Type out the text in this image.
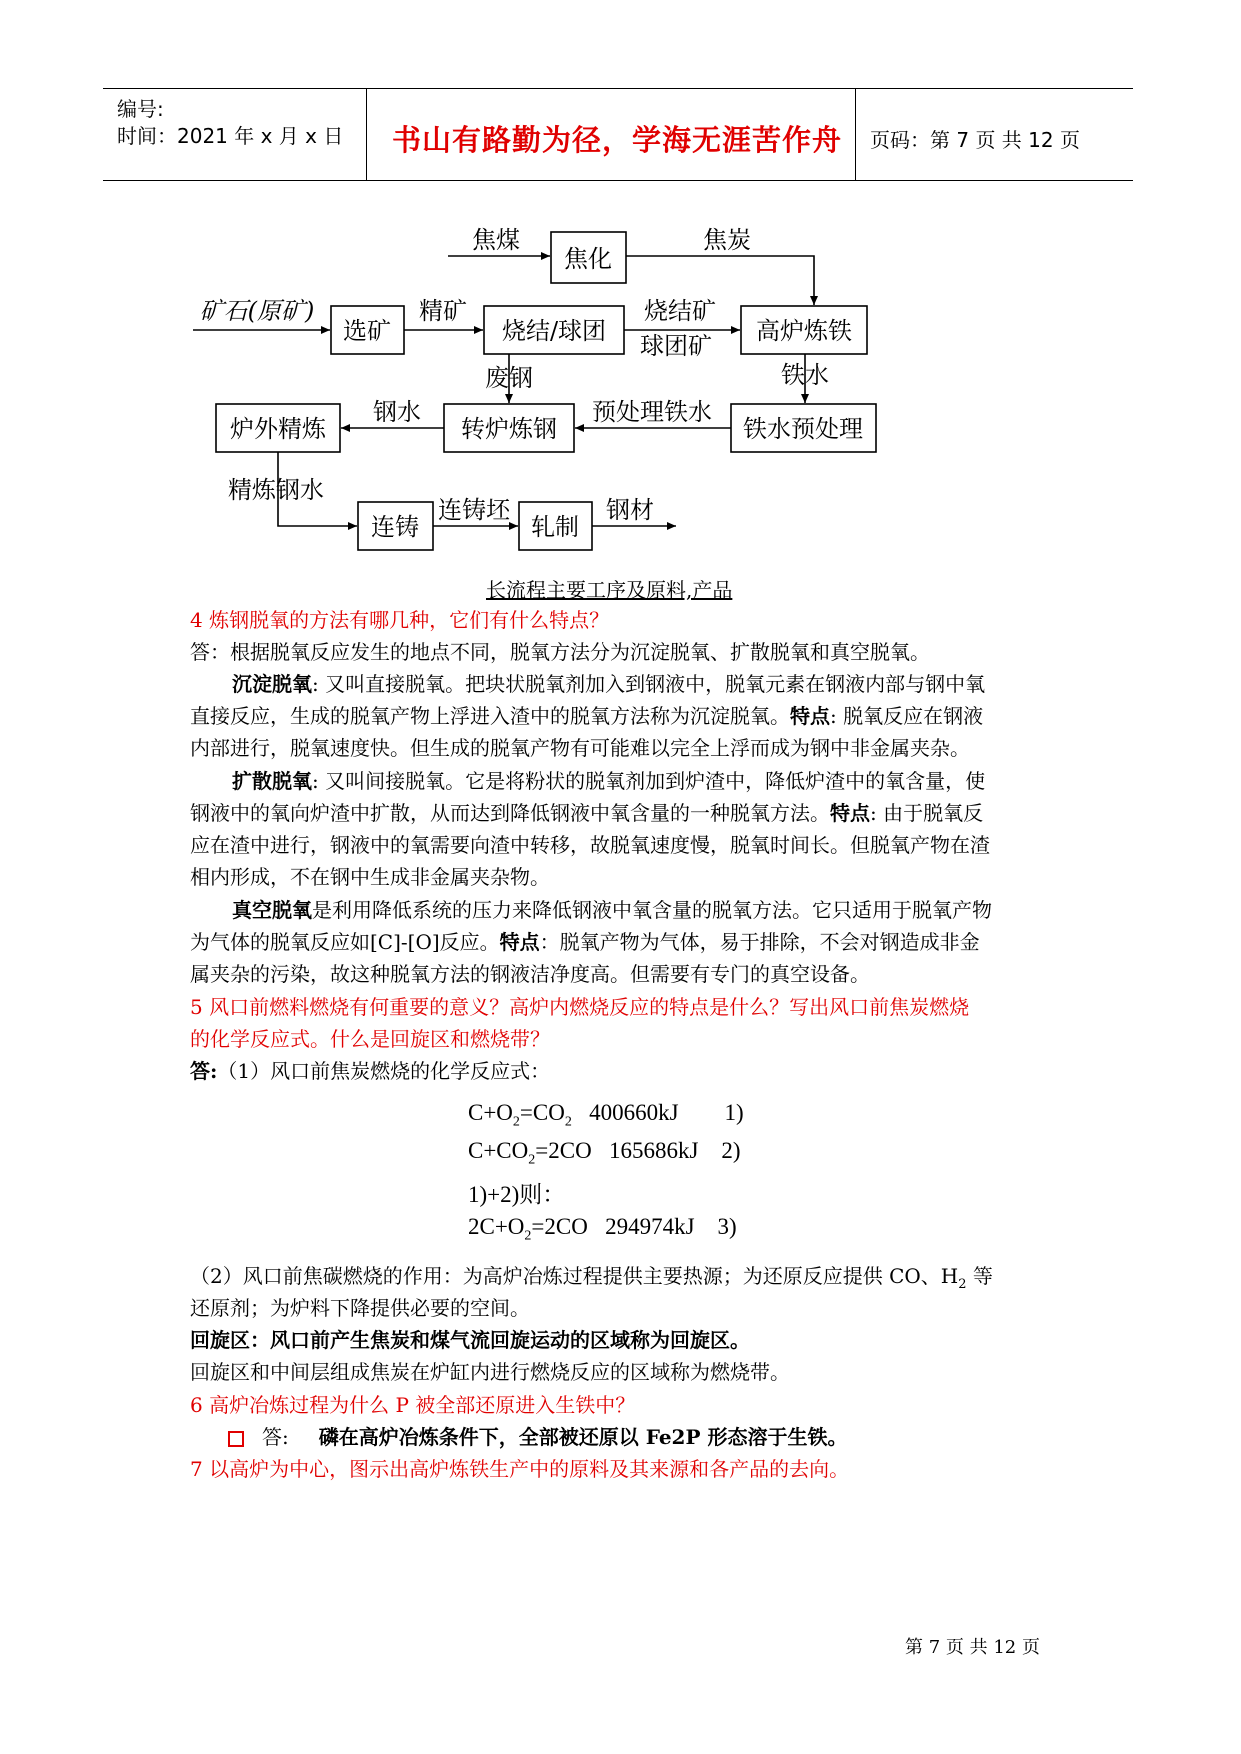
编号:
时间：2021 年 x 月 x 日 书山有路勤为径，学海无涯苦作舟 页码：第 7 页 共 12 页
焦化
选矿	烧结/球团	高炉炼铁
炉外精炼	转炉炼钢	铁水预处理
连铸	轧制
焦煤	焦炭
矿石(原矿)	精矿	烧结矿
球团矿
废钢	铁水
预处理铁水
钢水
精炼钢水
连铸坯	钢材
长流程主要工序及原料,产品
4 炼钢脱氧的方法有哪几种，它们有什么特点？
答：根据脱氧反应发生的地点不同，脱氧方法分为沉淀脱氧、扩散脱氧和真空脱氧。
沉淀脱氧: 又叫直接脱氧。把块状脱氧剂加入到钢液中，脱氧元素在钢液内部与钢中氧
直接反应，生成的脱氧产物上浮进入渣中的脱氧方法称为沉淀脱氧。特点: 脱氧反应在钢液
内部进行，脱氧速度快。但生成的脱氧产物有可能难以完全上浮而成为钢中非金属夹杂。
扩散脱氧: 又叫间接脱氧。它是将粉状的脱氧剂加到炉渣中，降低炉渣中的氧含量，使
钢液中的氧向炉渣中扩散，从而达到降低钢液中氧含量的一种脱氧方法。特点: 由于脱氧反
应在渣中进行，钢液中的氧需要向渣中转移，故脱氧速度慢，脱氧时间长。但脱氧产物在渣
相内形成，不在钢中生成非金属夹杂物。
真空脱氧是利用降低系统的压力来降低钢液中氧含量的脱氧方法。它只适用于脱氧产物
为气体的脱氧反应如[C]-[O]反应。特点：脱氧产物为气体，易于排除，不会对钢造成非金
属夹杂的污染，故这种脱氧方法的钢液洁净度高。但需要有专门的真空设备。
5 风口前燃料燃烧有何重要的意义？高炉内燃烧反应的特点是什么？写出风口前焦炭燃烧
的化学反应式。什么是回旋区和燃烧带？
答:（1）风口前焦炭燃烧的化学反应式：
$C+O_2=CO_2$   400660kJ        1)
$C+CO_2=2CO$   165686kJ    2)
1)+2)则：
$2C+O_2=2CO$   294974kJ    3)
（2）风口前焦碳燃烧的作用：为高炉冶炼过程提供主要热源；为还原反应提供 CO、$H_2$ 等
还原剂；为炉料下降提供必要的空间。
回旋区：风口前产生焦炭和煤气流回旋运动的区域称为回旋区。
回旋区和中间层组成焦炭在炉缸内进行燃烧反应的区域称为燃烧带。
6 高炉冶炼过程为什么 P 被全部还原进入生铁中？
答: 磷在高炉冶炼条件下，全部被还原以 Fe2P 形态溶于生铁。
7 以高炉为中心，图示出高炉炼铁生产中的原料及其来源和各产品的去向。
第 7 页 共 12 页
